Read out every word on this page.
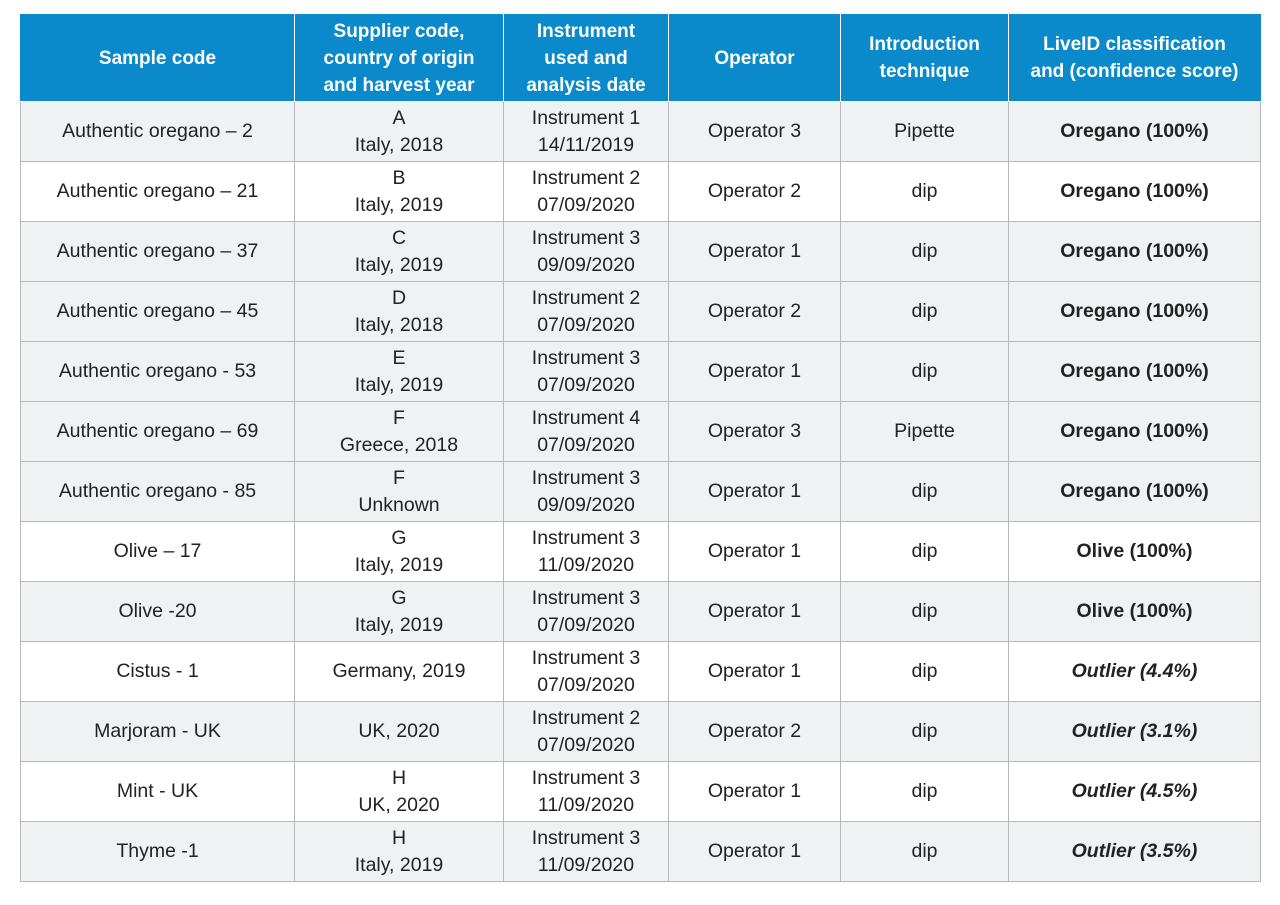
Sample code	Supplier code,
country of origin
and harvest year	Instrument
used and
analysis date	Operator	Introduction
technique	LiveID classification
and (confidence score)

Authentic oregano – 2	A
Italy, 2018	Instrument 1
14/11/2019	Operator 3	Pipette	Oregano (100%)
Authentic oregano – 21	B
Italy, 2019	Instrument 2
07/09/2020	Operator 2	dip	Oregano (100%)
Authentic oregano – 37	C
Italy, 2019	Instrument 3
09/09/2020	Operator 1	dip	Oregano (100%)
Authentic oregano – 45	D
Italy, 2018	Instrument 2
07/09/2020	Operator 2	dip	Oregano (100%)
Authentic oregano - 53	E
Italy, 2019	Instrument 3
07/09/2020	Operator 1	dip	Oregano (100%)
Authentic oregano – 69	F
Greece, 2018	Instrument 4
07/09/2020	Operator 3	Pipette	Oregano (100%)
Authentic oregano - 85	F
Unknown	Instrument 3
09/09/2020	Operator 1	dip	Oregano (100%)
Olive – 17	G
Italy, 2019	Instrument 3
11/09/2020	Operator 1	dip	Olive (100%)
Olive -20	G
Italy, 2019	Instrument 3
07/09/2020	Operator 1	dip	Olive (100%)
Cistus - 1	Germany, 2019	Instrument 3
07/09/2020	Operator 1	dip	Outlier (4.4%)
Marjoram - UK	UK, 2020	Instrument 2
07/09/2020	Operator 2	dip	Outlier (3.1%)
Mint - UK	H
UK, 2020	Instrument 3
11/09/2020	Operator 1	dip	Outlier (4.5%)
Thyme -1	H
Italy, 2019	Instrument 3
11/09/2020	Operator 1	dip	Outlier (3.5%)
